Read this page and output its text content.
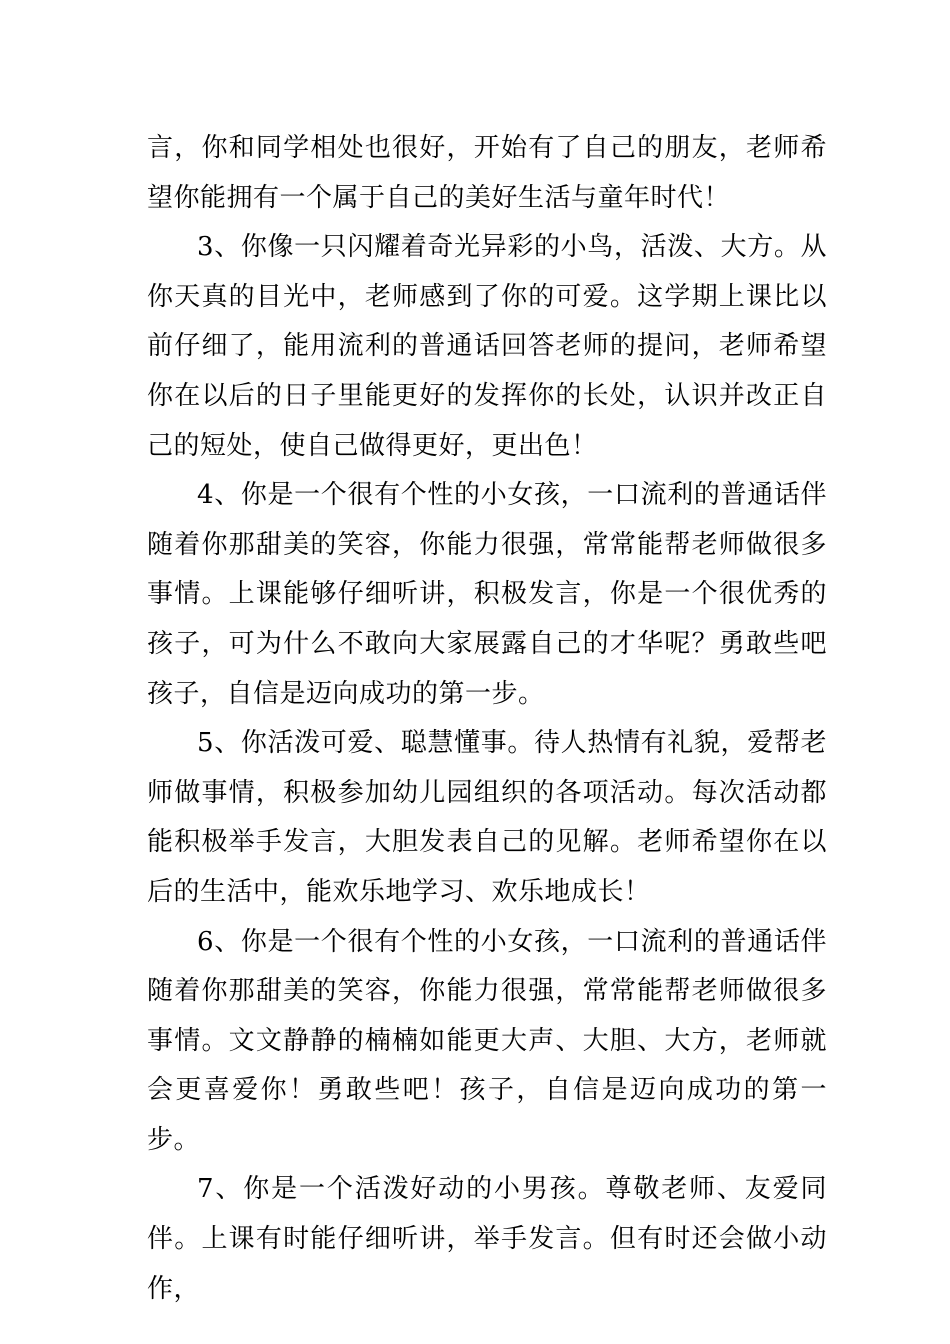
言，你和同学相处也很好，开始有了自己的朋友，老师希望你能拥有一个属于自己的美好生活与童年时代！

3、你像一只闪耀着奇光异彩的小鸟，活泼、大方。从你天真的目光中，老师感到了你的可爱。这学期上课比以前仔细了，能用流利的普通话回答老师的提问，老师希望你在以后的日子里能更好的发挥你的长处，认识并改正自己的短处，使自己做得更好，更出色！

4、你是一个很有个性的小女孩，一口流利的普通话伴随着你那甜美的笑容，你能力很强，常常能帮老师做很多事情。上课能够仔细听讲，积极发言，你是一个很优秀的孩子，可为什么不敢向大家展露自己的才华呢？勇敢些吧孩子，自信是迈向成功的第一步。

5、你活泼可爱、聪慧懂事。待人热情有礼貌，爱帮老师做事情，积极参加幼儿园组织的各项活动。每次活动都能积极举手发言，大胆发表自己的见解。老师希望你在以后的生活中，能欢乐地学习、欢乐地成长！

6、你是一个很有个性的小女孩，一口流利的普通话伴随着你那甜美的笑容，你能力很强，常常能帮老师做很多事情。文文静静的楠楠如能更大声、大胆、大方，老师就会更喜爱你！勇敢些吧！孩子，自信是迈向成功的第一步。

7、你是一个活泼好动的小男孩。尊敬老师、友爱同伴。上课有时能仔细听讲，举手发言。但有时还会做小动作，
